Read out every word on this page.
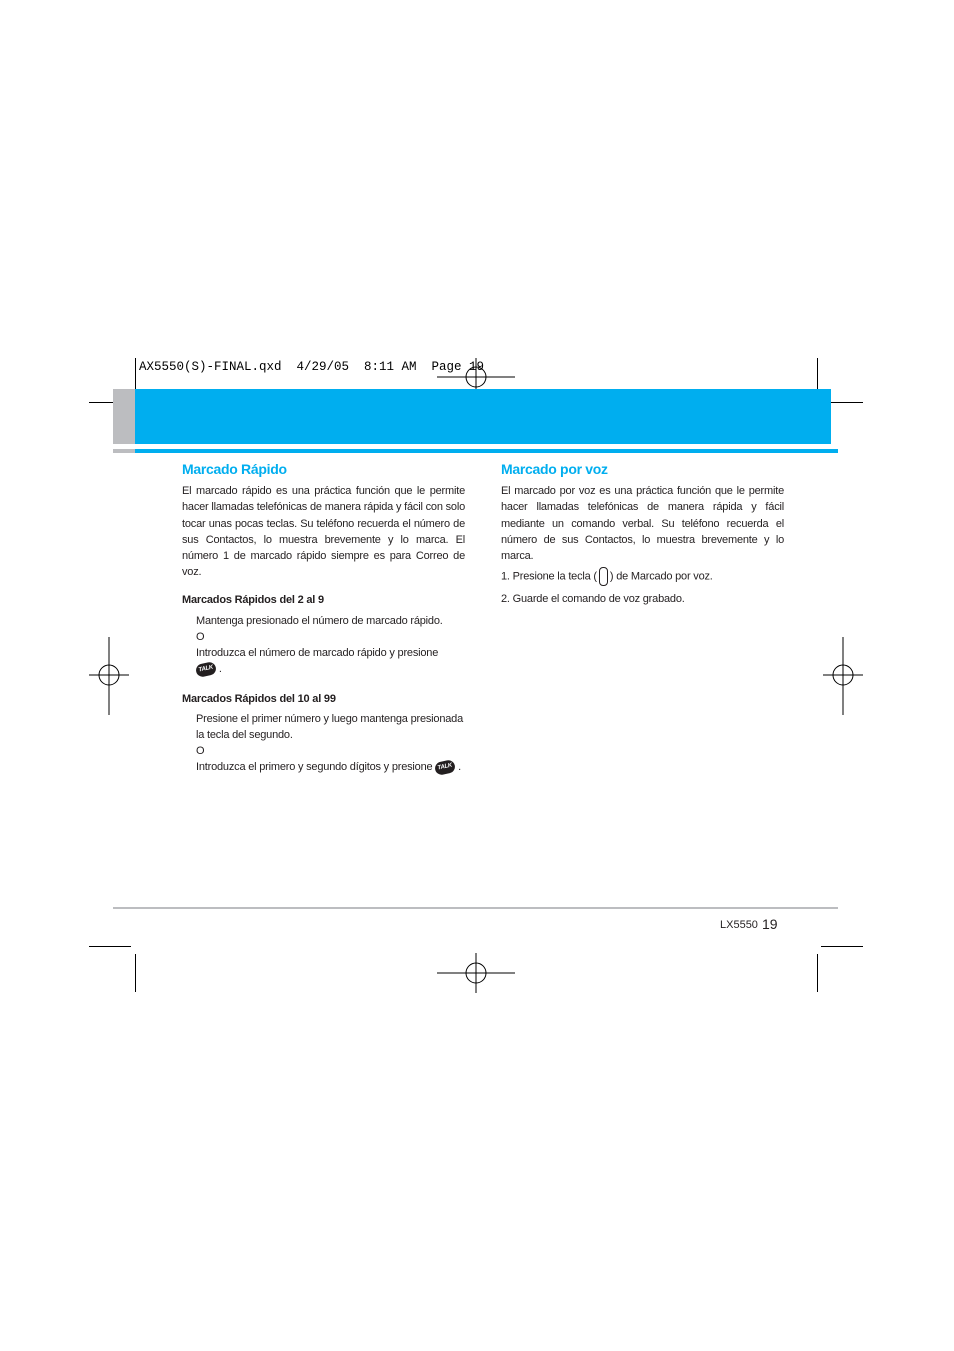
AX5550(S)-FINAL.qxd  4/29/05  8:11 AM  Page 19
Marcado Rápido
El marcado rápido es una práctica función que le permite hacer llamadas telefónicas de manera rápida y fácil con solo tocar unas pocas teclas. Su teléfono recuerda el número de sus Contactos, lo muestra brevemente y lo marca. El número 1 de marcado rápido siempre es para Correo de voz.
Marcados Rápidos del 2 al 9
Mantenga presionado el número de marcado rápido.
O
Introduzca el número de marcado rápido y presione
TALK .
Marcados Rápidos del 10 al 99
Presione el primer número y luego mantenga presionada la tecla del segundo.
O
Introduzca el primero y segundo dígitos y presione TALK .
Marcado por voz
El marcado por voz es una práctica función que le permite hacer llamadas telefónicas de manera rápida y fácil mediante un comando verbal. Su teléfono recuerda el número de sus Contactos, lo muestra brevemente y lo marca.
1. Presione la tecla ( ) de Marcado por voz.
2. Guarde el comando de voz grabado.
LX5550 19
